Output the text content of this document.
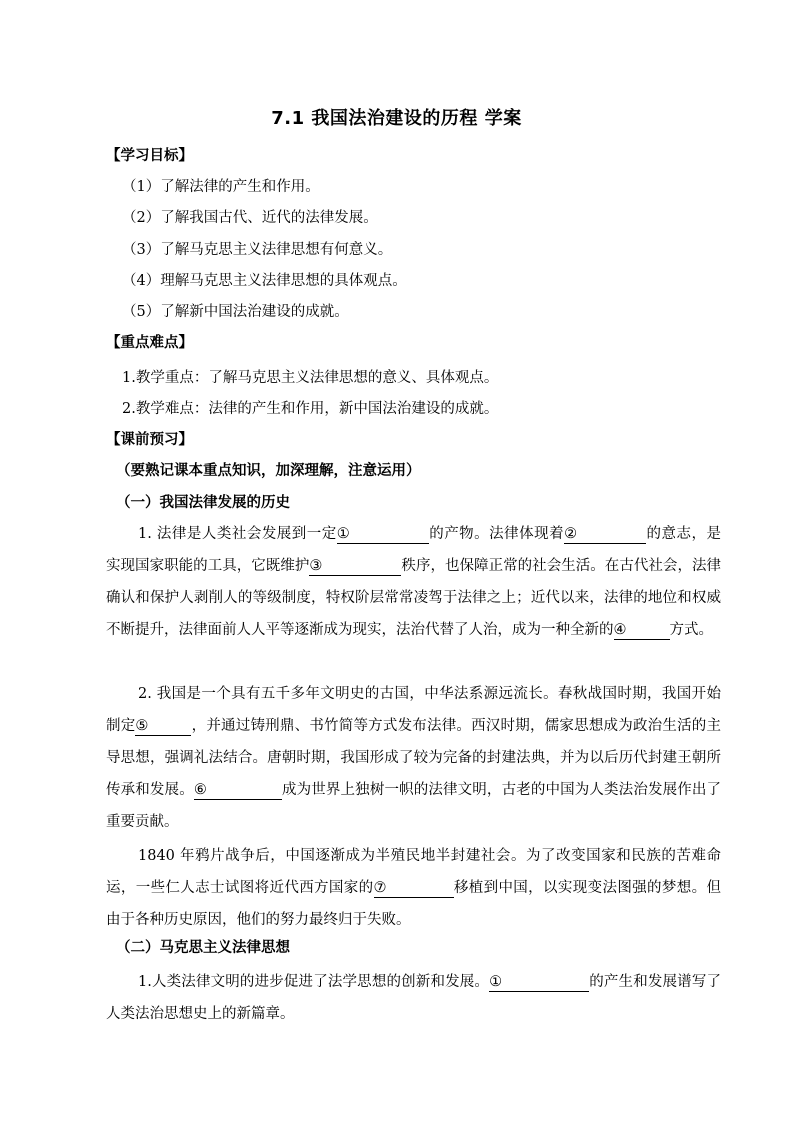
7.1 我国法治建设的历程 学案
【学习目标】
（1）了解法律的产生和作用。
（2）了解我国古代、近代的法律发展。
（3）了解马克思主义法律思想有何意义。
（4）理解马克思主义法律思想的具体观点。
（5）了解新中国法治建设的成就。
【重点难点】
1.教学重点：了解马克思主义法律思想的意义、具体观点。
2.教学难点：法律的产生和作用，新中国法治建设的成就。
【课前预习】
（要熟记课本重点知识，加深理解，注意运用）
（一）我国法律发展的历史
1. 法律是人类社会发展到一定①	的产物。法律体现着②	的意志，是实现国家职能的工具，它既维护③	秩序，也保障正常的社会生活。在古代社会，法律确认和保护人剥削人的等级制度，特权阶层常常凌驾于法律之上；近代以来，法律的地位和权威不断提升，法律面前人人平等逐渐成为现实，法治代替了人治，成为一种全新的④	方式。
2. 我国是一个具有五千多年文明史的古国，中华法系源远流长。春秋战国时期，我国开始制定⑤	，并通过铸刑鼎、书竹简等方式发布法律。西汉时期，儒家思想成为政治生活的主导思想，强调礼法结合。唐朝时期，我国形成了较为完备的封建法典，并为以后历代封建王朝所传承和发展。⑥	成为世界上独树一帜的法律文明，古老的中国为人类法治发展作出了重要贡献。
1840 年鸦片战争后，中国逐渐成为半殖民地半封建社会。为了改变国家和民族的苦难命运，一些仁人志士试图将近代西方国家的⑦	移植到中国，以实现变法图强的梦想。但由于各种历史原因，他们的努力最终归于失败。
（二）马克思主义法律思想
1.人类法律文明的进步促进了法学思想的创新和发展。①	的产生和发展谱写了人类法治思想史上的新篇章。
